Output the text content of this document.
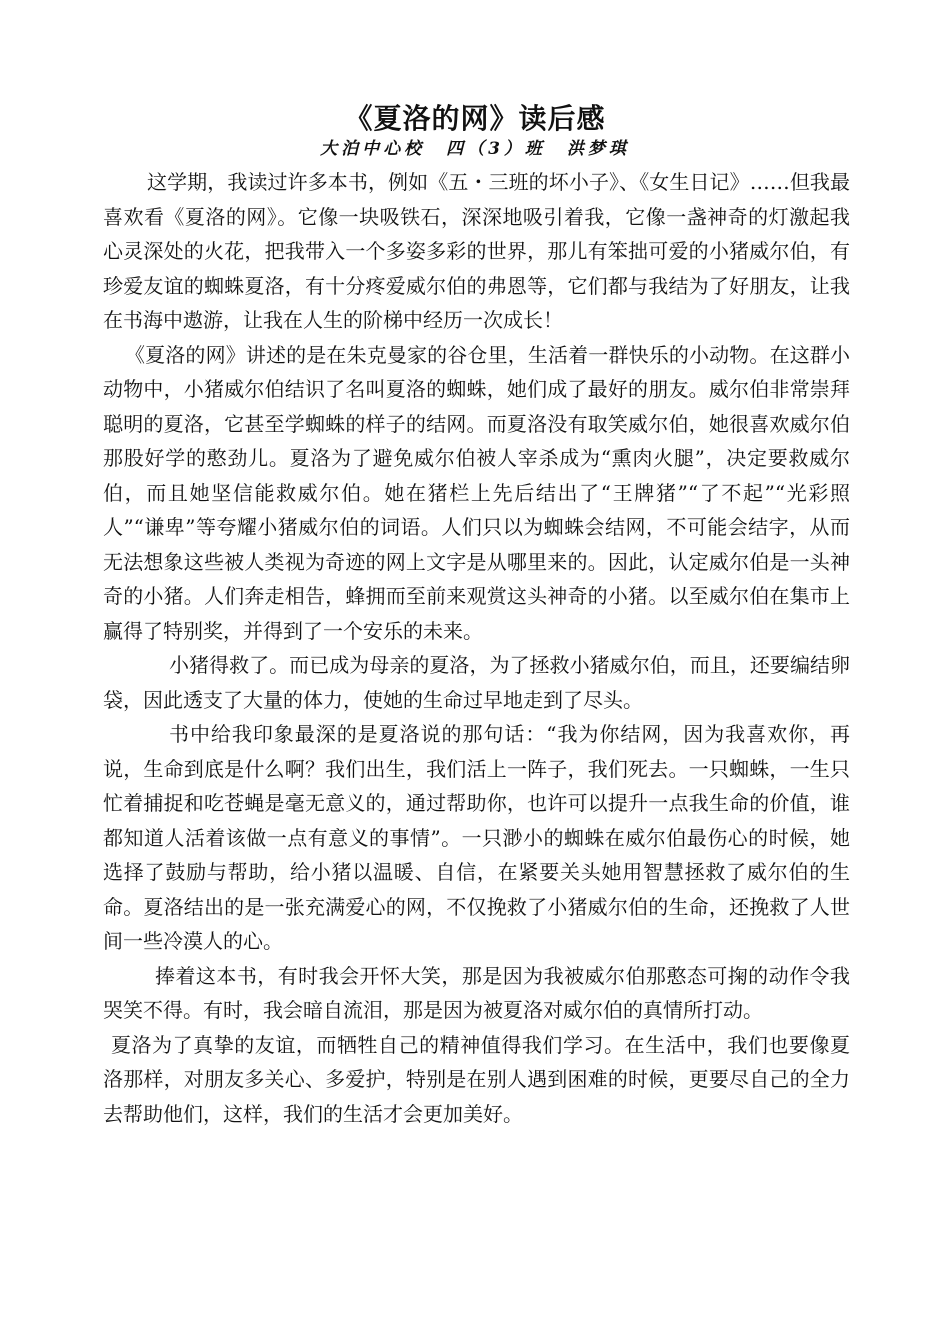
《夏洛的网》读后感
大泊中心校　四（3）班　洪梦琪

这学期，我读过许多本书，例如《五・三班的坏小子》、《女生日记》……但我最喜欢看《夏洛的网》。它像一块吸铁石，深深地吸引着我，它像一盏神奇的灯激起我心灵深处的火花，把我带入一个多姿多彩的世界，那儿有笨拙可爱的小猪威尔伯，有珍爱友谊的蜘蛛夏洛，有十分疼爱威尔伯的弗恩等，它们都与我结为了好朋友，让我在书海中遨游，让我在人生的阶梯中经历一次成长！

《夏洛的网》讲述的是在朱克曼家的谷仓里，生活着一群快乐的小动物。在这群小动物中，小猪威尔伯结识了名叫夏洛的蜘蛛，她们成了最好的朋友。威尔伯非常崇拜聪明的夏洛，它甚至学蜘蛛的样子的结网。而夏洛没有取笑威尔伯，她很喜欢威尔伯那股好学的憨劲儿。夏洛为了避免威尔伯被人宰杀成为“熏肉火腿”，决定要救威尔伯，而且她坚信能救威尔伯。她在猪栏上先后结出了“王牌猪”“了不起”“光彩照人”“谦卑”等夸耀小猪威尔伯的词语。人们只以为蜘蛛会结网，不可能会结字，从而无法想象这些被人类视为奇迹的网上文字是从哪里来的。因此，认定威尔伯是一头神奇的小猪。人们奔走相告，蜂拥而至前来观赏这头神奇的小猪。以至威尔伯在集市上赢得了特别奖，并得到了一个安乐的未来。

小猪得救了。而已成为母亲的夏洛，为了拯救小猪威尔伯，而且，还要编结卵袋，因此透支了大量的体力，使她的生命过早地走到了尽头。

书中给我印象最深的是夏洛说的那句话：“我为你结网，因为我喜欢你，再说，生命到底是什么啊？我们出生，我们活上一阵子，我们死去。一只蜘蛛，一生只忙着捕捉和吃苍蝇是毫无意义的，通过帮助你，也许可以提升一点我生命的价值，谁都知道人活着该做一点有意义的事情”。一只渺小的蜘蛛在威尔伯最伤心的时候，她选择了鼓励与帮助，给小猪以温暖、自信，在紧要关头她用智慧拯救了威尔伯的生命。夏洛结出的是一张充满爱心的网，不仅挽救了小猪威尔伯的生命，还挽救了人世间一些冷漠人的心。

捧着这本书，有时我会开怀大笑，那是因为我被威尔伯那憨态可掬的动作令我哭笑不得。有时，我会暗自流泪，那是因为被夏洛对威尔伯的真情所打动。

夏洛为了真挚的友谊，而牺牲自己的精神值得我们学习。在生活中，我们也要像夏洛那样，对朋友多关心、多爱护，特别是在别人遇到困难的时候，更要尽自己的全力去帮助他们，这样，我们的生活才会更加美好。
